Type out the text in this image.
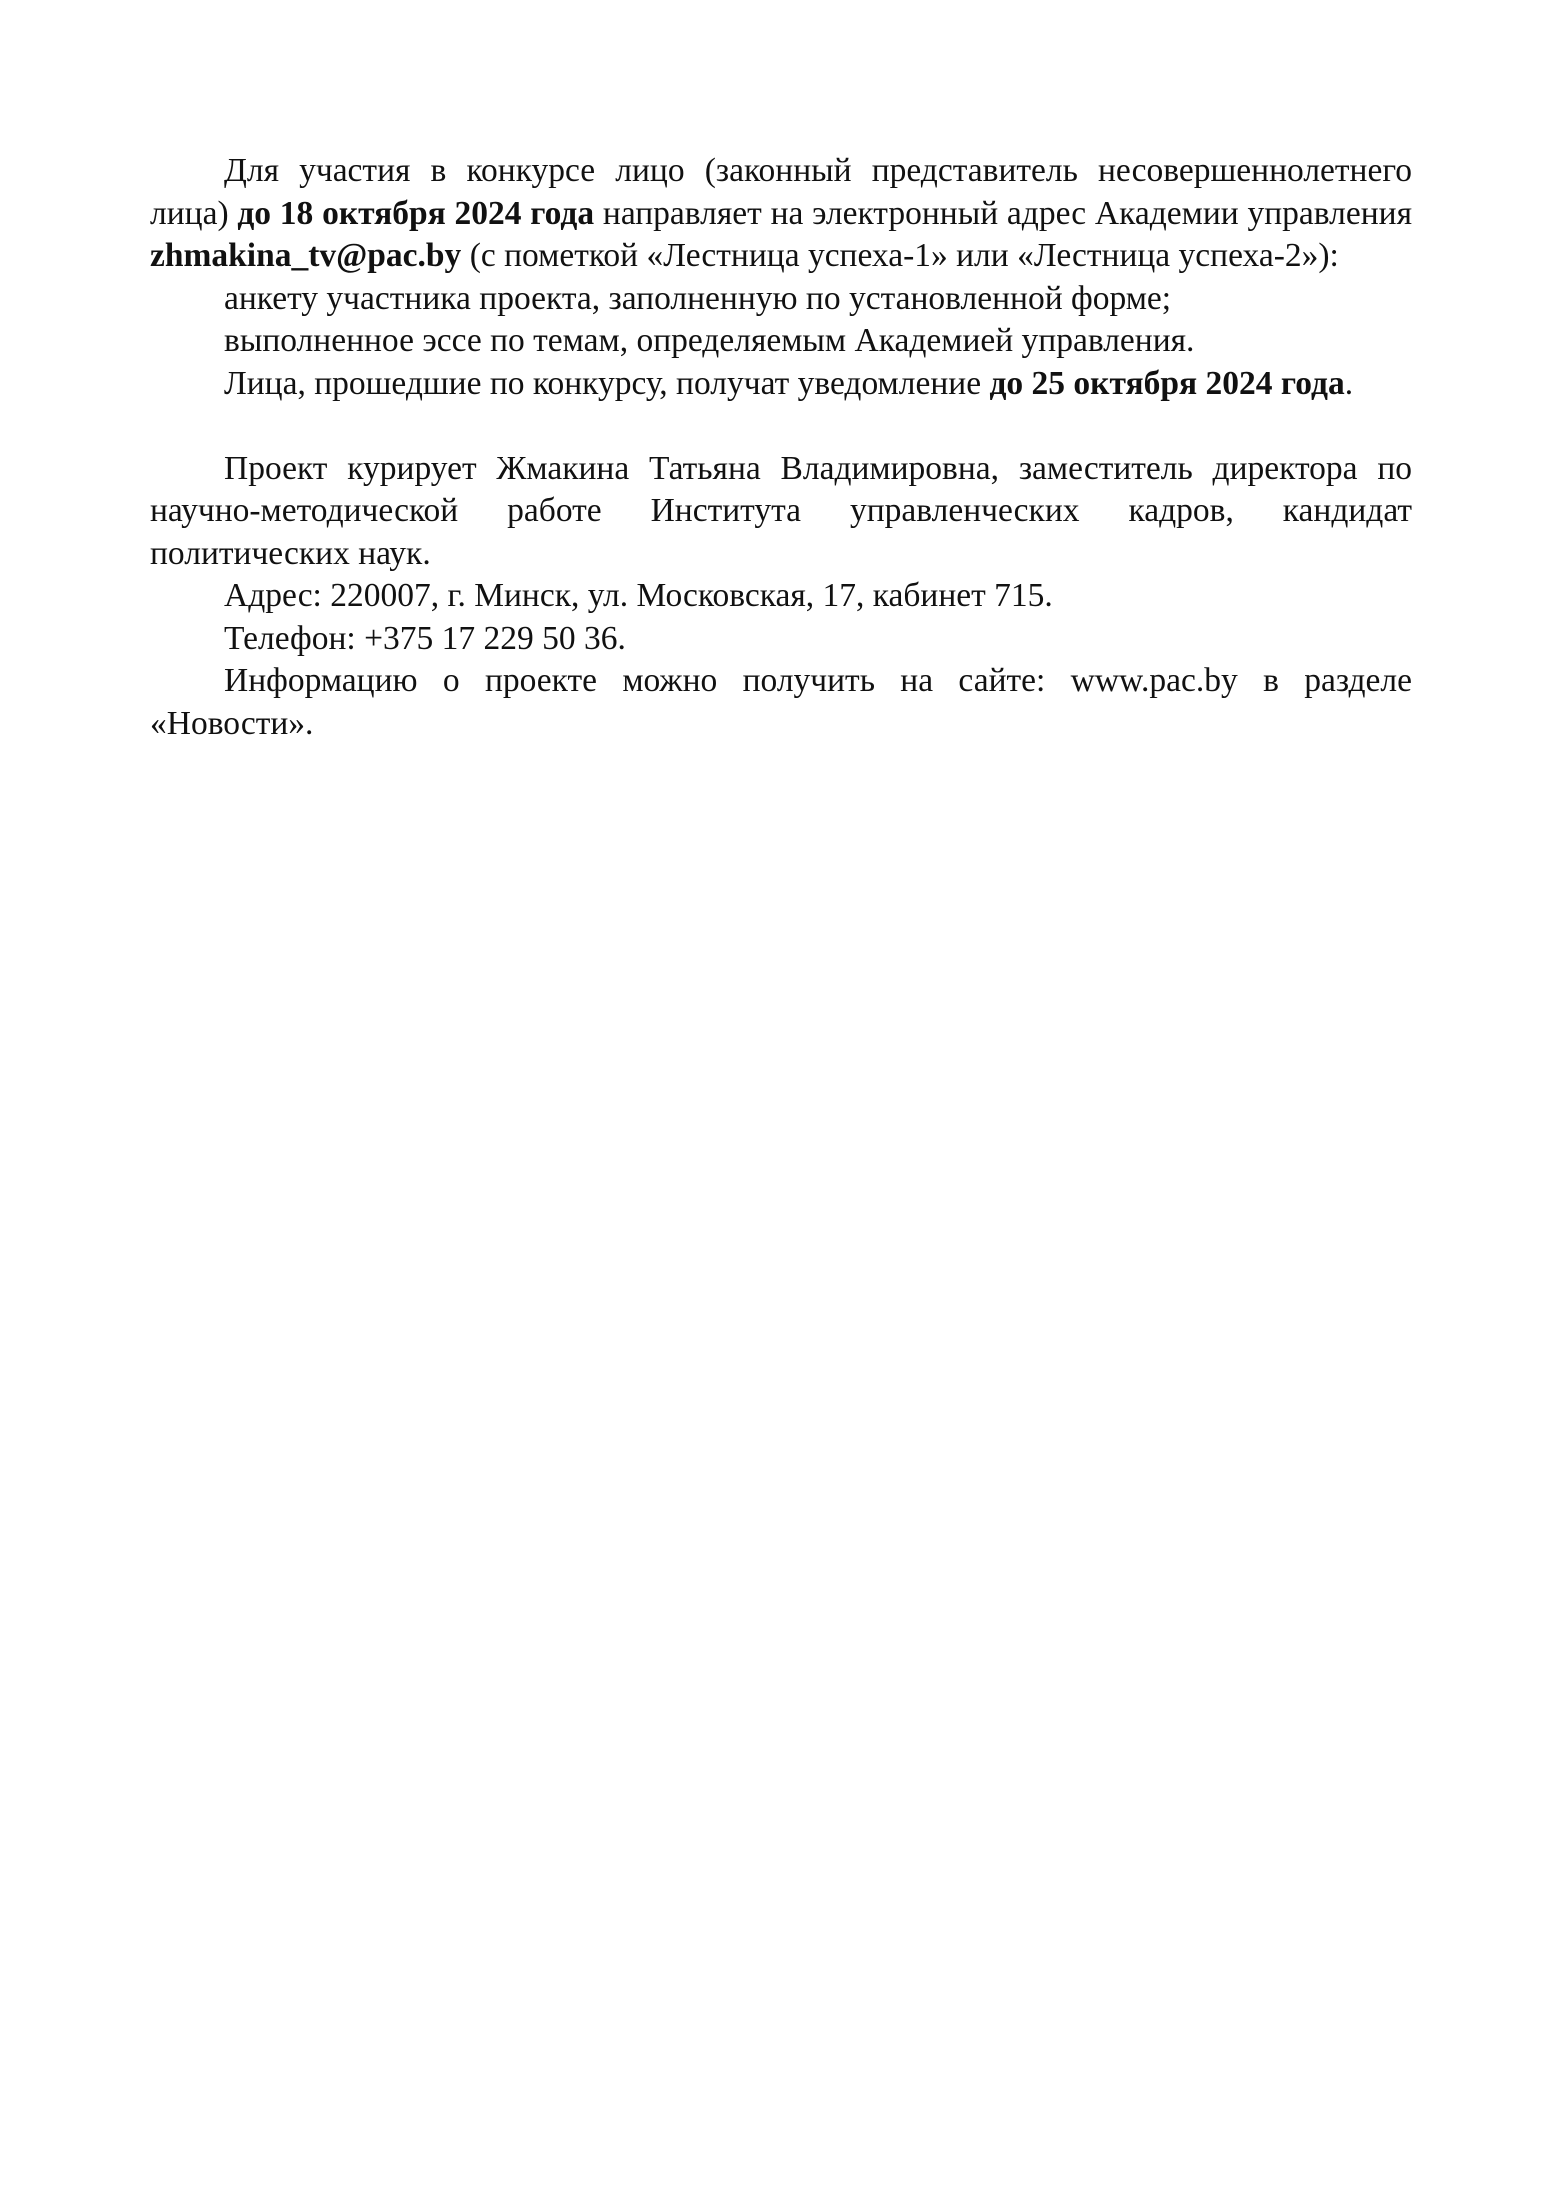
Для участия в конкурсе лицо (законный представитель несовершеннолетнего лица) до 18 октября 2024 года направляет на электронный адрес Академии управления zhmakina_tv@pac.by (с пометкой «Лестница успеха-1» или «Лестница успеха-2»):

анкету участника проекта, заполненную по установленной форме;

выполненное эссе по темам, определяемым Академией управления.

Лица, прошедшие по конкурсу, получат уведомление до 25 октября 2024 года.

Проект курирует Жмакина Татьяна Владимировна, заместитель директора по научно-методической работе Института управленческих кадров, кандидат политических наук.

Адрес: 220007, г. Минск, ул. Московская, 17, кабинет 715.

Телефон: +375 17 229 50 36.

Информацию о проекте можно получить на сайте: www.pac.by в разделе «Новости».
